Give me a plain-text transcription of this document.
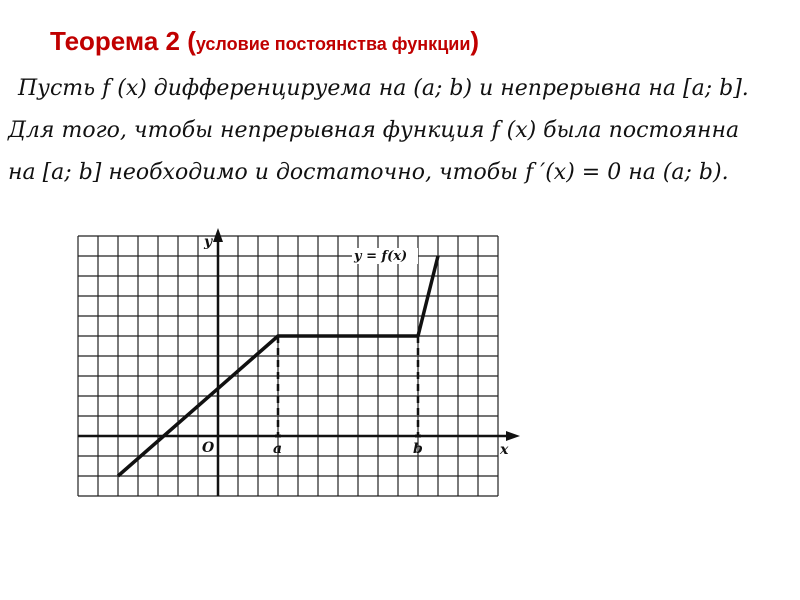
Теорема 2 (условие постоянства функции)
Пусть f (x) дифференцируема на (a; b) и непрерывна на [a; b].
Для того, чтобы непрерывная функция f (x) была постоянна
на [a; b] необходимо и достаточно, чтобы f ′(x) = 0 на (a; b).
y
x
O	a	b
y = f(x)
